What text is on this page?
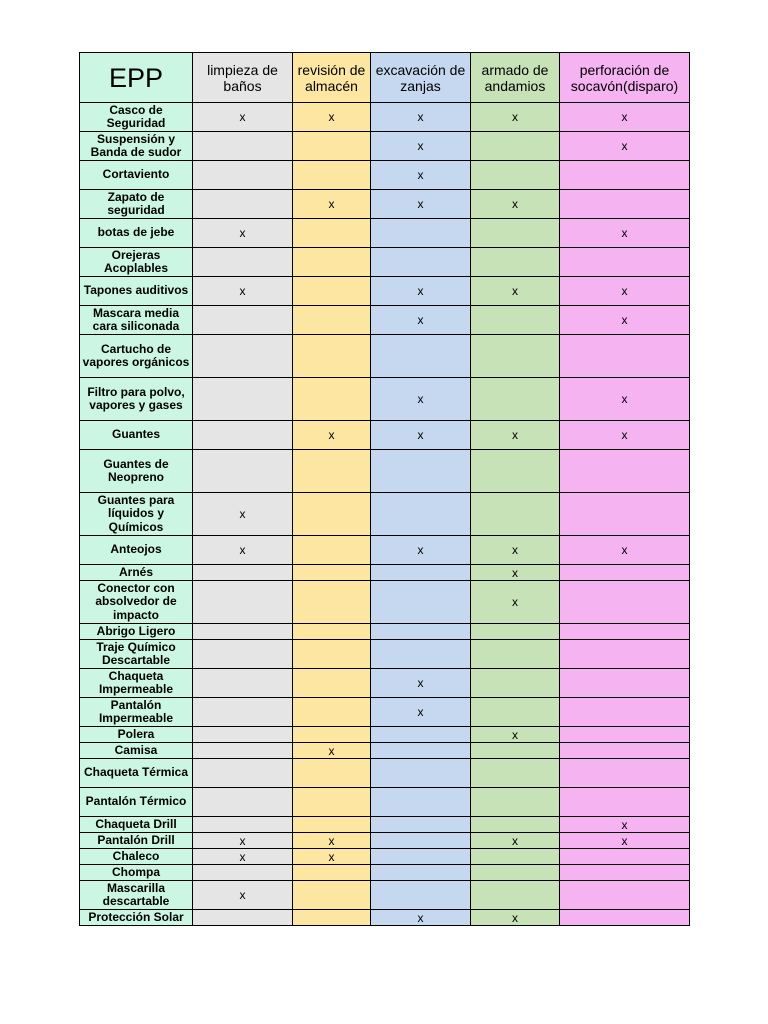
EPP	limpieza de baños	revisión de almacén	excavación de zanjas	armado de andamios	perforación de socavón(disparo)
Casco de Seguridad	x	x	x	x	x
Suspensión y Banda de sudor			x		x
Cortaviento			x		
Zapato de seguridad		x	x	x	
botas de jebe	x				x
Orejeras Acoplables					
Tapones auditivos	x		x	x	x
Mascara media cara siliconada			x		x
Cartucho de vapores orgánicos					
Filtro para polvo, vapores y gases			x		x
Guantes		x	x	x	x
Guantes de Neopreno					
Guantes para líquidos y Químicos	x				
Anteojos	x		x	x	x
Arnés				x	
Conector con absolvedor de impacto				x	
Abrigo Ligero					
Traje Químico Descartable					
Chaqueta Impermeable			x		
Pantalón Impermeable			x		
Polera				x	
Camisa		x			
Chaqueta Térmica					
Pantalón Térmico					
Chaqueta Drill					x
Pantalón Drill	x	x		x	x
Chaleco	x	x			
Chompa					
Mascarilla descartable	x				
Protección Solar			x	x	
